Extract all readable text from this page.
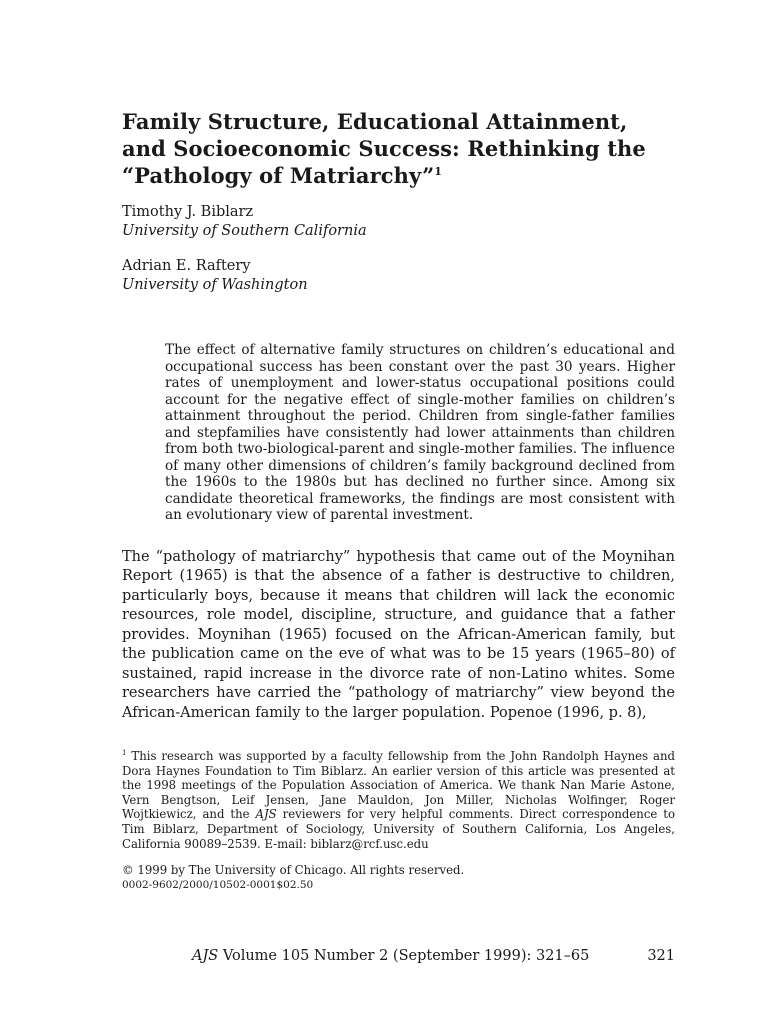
Family Structure, Educational Attainment, and Socioeconomic Success: Rethinking the “Pathology of Matriarchy”$^1$
Timothy J. Biblarz
University of Southern California
Adrian E. Raftery
University of Washington

The effect of alternative family structures on children’s educational and occupational success has been constant over the past 30 years. Higher rates of unemployment and lower-status occupational positions could account for the negative effect of single-mother families on children’s attainment throughout the period. Children from single-father families and stepfamilies have consistently had lower attainments than children from both two-biological-parent and single-mother families. The influence of many other dimensions of children’s family background declined from the 1960s to the 1980s but has declined no further since. Among six candidate theoretical frameworks, the findings are most consistent with an evolutionary view of parental investment.

The “pathology of matriarchy” hypothesis that came out of the Moynihan Report (1965) is that the absence of a father is destructive to children, particularly boys, because it means that children will lack the economic resources, role model, discipline, structure, and guidance that a father provides. Moynihan (1965) focused on the African-American family, but the publication came on the eve of what was to be 15 years (1965–80) of sustained, rapid increase in the divorce rate of non-Latino whites. Some researchers have carried the “pathology of matriarchy” view beyond the African-American family to the larger population. Popenoe (1996, p. 8),

$^1$ This research was supported by a faculty fellowship from the John Randolph Haynes and Dora Haynes Foundation to Tim Biblarz. An earlier version of this article was presented at the 1998 meetings of the Population Association of America. We thank Nan Marie Astone, Vern Bengtson, Leif Jensen, Jane Mauldon, Jon Miller, Nicholas Wolfinger, Roger Wojtkiewicz, and the AJS reviewers for very helpful comments. Direct correspondence to Tim Biblarz, Department of Sociology, University of Southern California, Los Angeles, California 90089–2539. E-mail: biblarz@rcf.usc.edu
© 1999 by The University of Chicago. All rights reserved.
0002-9602/2000/10502-0001$02.50
AJS Volume 105 Number 2 (September 1999): 321–65	321
